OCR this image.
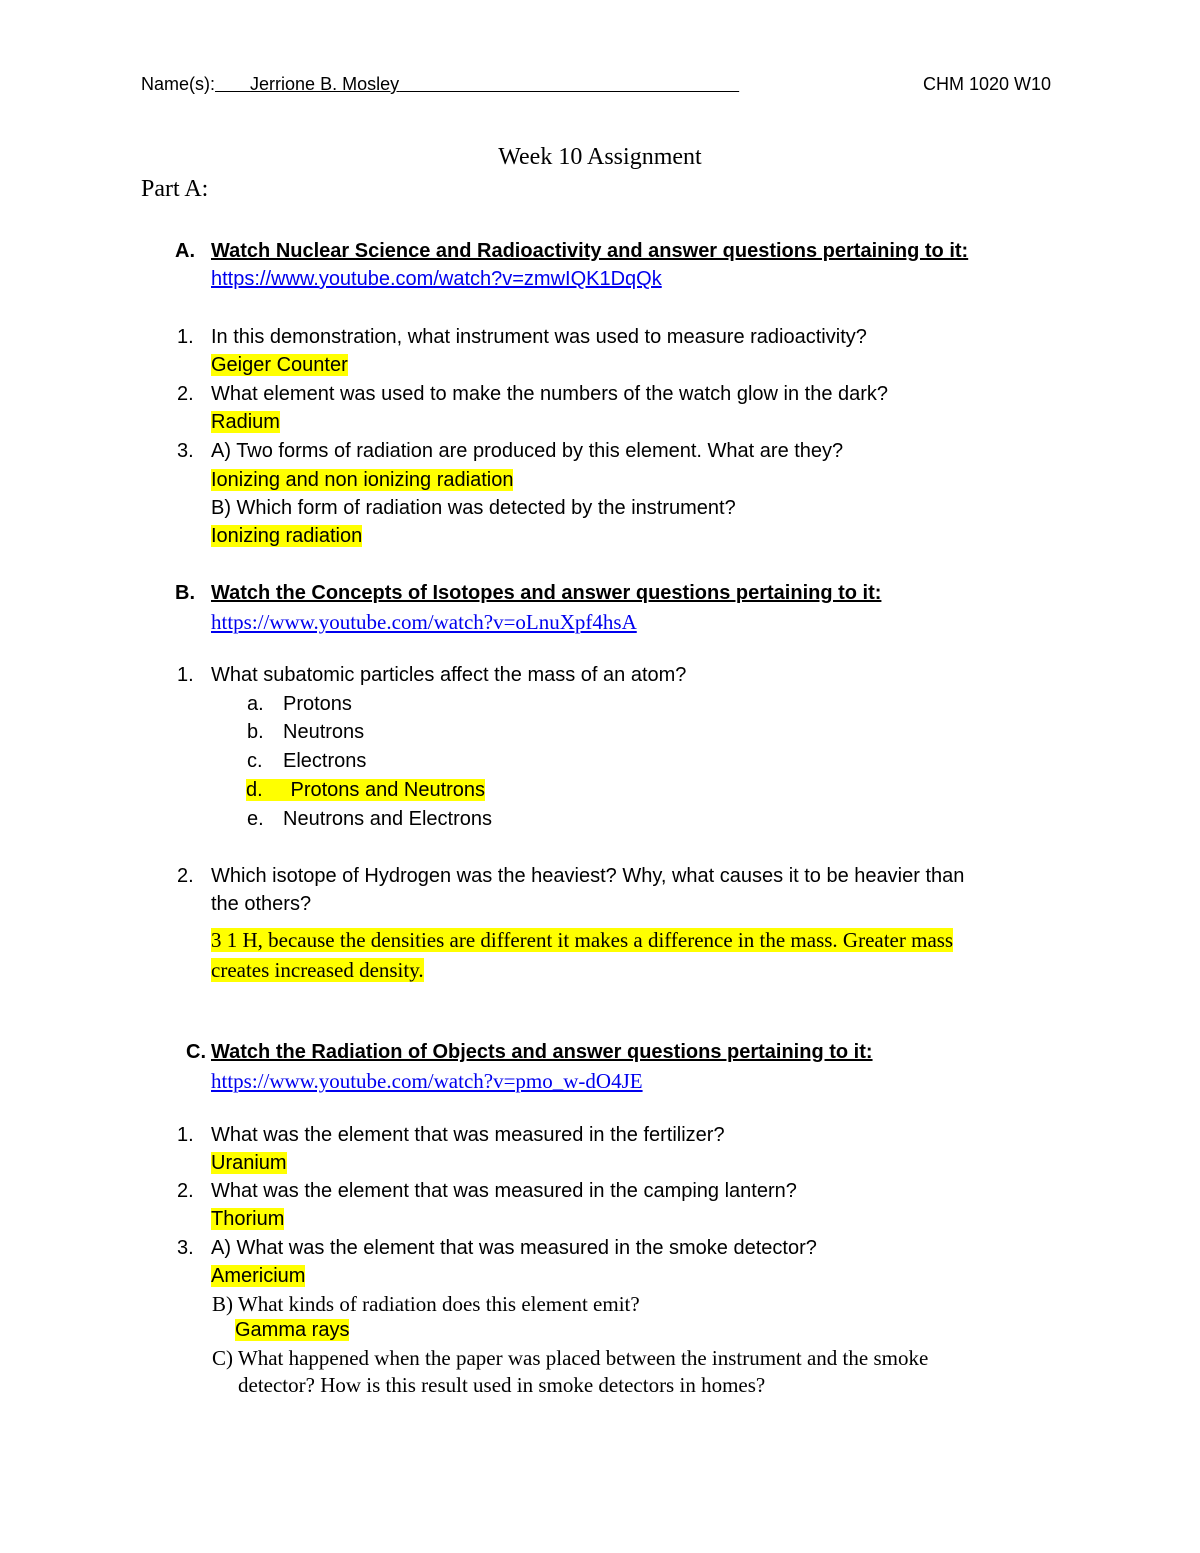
Name(s): Jerrione B. Mosley	CHM 1020 W10
Week 10 Assignment
Part A:
A. Watch Nuclear Science and Radioactivity and answer questions pertaining to it:
https://www.youtube.com/watch?v=zmwIQK1DqQk
1. In this demonstration, what instrument was used to measure radioactivity?
Geiger Counter
2. What element was used to make the numbers of the watch glow in the dark?
Radium
3. A) Two forms of radiation are produced by this element. What are they?
Ionizing and non ionizing radiation
B) Which form of radiation was detected by the instrument?
Ionizing radiation
B. Watch the Concepts of Isotopes and answer questions pertaining to it:
https://www.youtube.com/watch?v=oLnuXpf4hsA
1. What subatomic particles affect the mass of an atom?
a. Protons
b. Neutrons
c. Electrons
d. Protons and Neutrons
e. Neutrons and Electrons
2. Which isotope of Hydrogen was the heaviest? Why, what causes it to be heavier than
the others?
3 1 H, because the densities are different it makes a difference in the mass. Greater mass
creates increased density.
C. Watch the Radiation of Objects and answer questions pertaining to it:
https://www.youtube.com/watch?v=pmo_w-dO4JE
1. What was the element that was measured in the fertilizer?
Uranium
2. What was the element that was measured in the camping lantern?
Thorium
3. A) What was the element that was measured in the smoke detector?
Americium
B) What kinds of radiation does this element emit?
Gamma rays
C) What happened when the paper was placed between the instrument and the smoke
detector? How is this result used in smoke detectors in homes?
